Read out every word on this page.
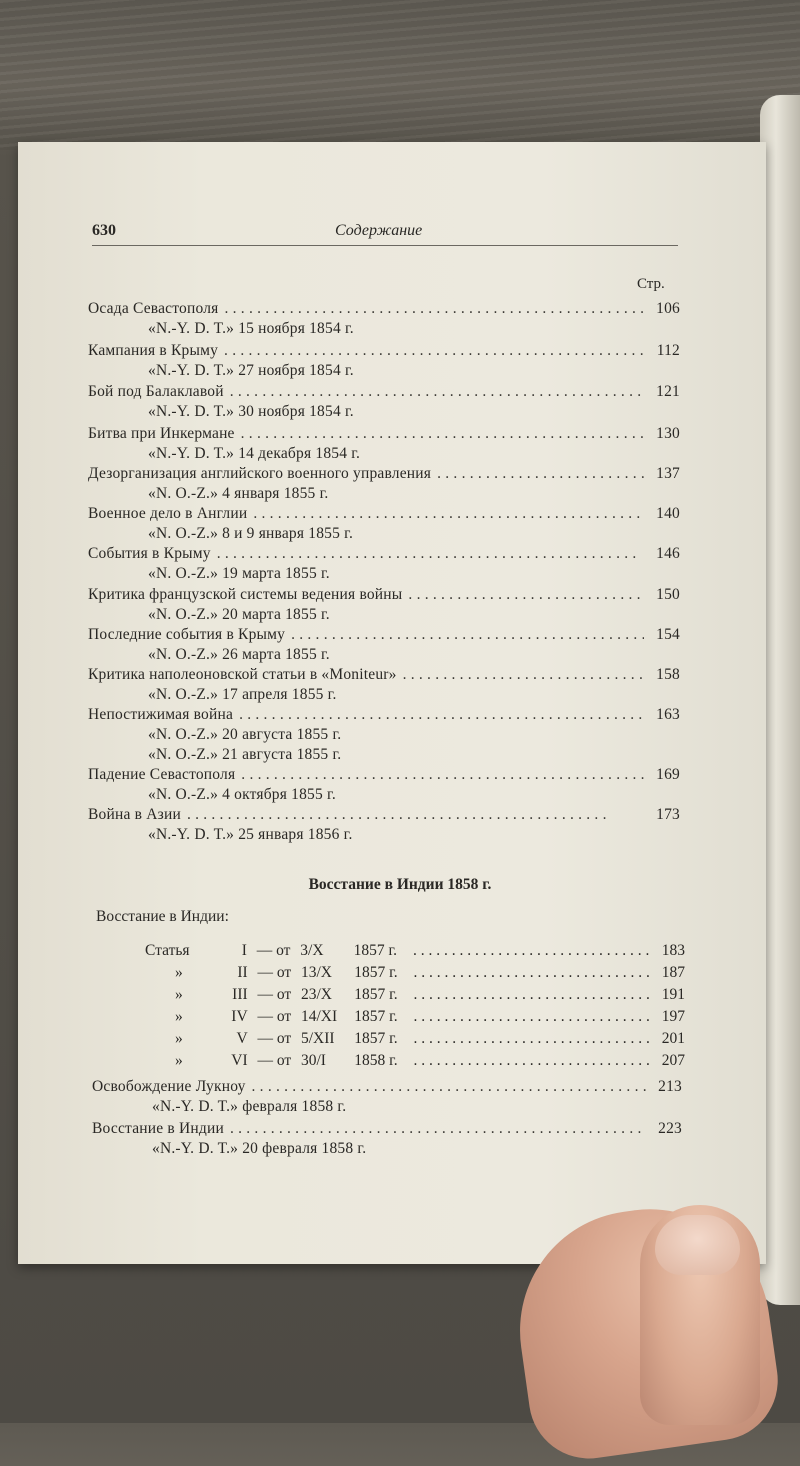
630	Содержание
Стр.
Осада Севастополя . . .	106
«N.-Y. D. T.» 15 ноября 1854 г.
Кампания в Крыму . . .	112
«N.-Y. D. T.» 27 ноября 1854 г.
Бой под Балаклавой . . .	121
«N.-Y. D. T.» 30 ноября 1854 г.
Битва при Инкермане . . .	130
«N.-Y. D. T.» 14 декабря 1854 г.
Дезорганизация английского военного управления . . .	137
«N. O.-Z.» 4 января 1855 г.
Военное дело в Англии . . .	140
«N. O.-Z.» 8 и 9 января 1855 г.
События в Крыму . . .	146
«N. O.-Z.» 19 марта 1855 г.
Критика французской системы ведения войны . . .	150
«N. O.-Z.» 20 марта 1855 г.
Последние события в Крыму . . .	154
«N. O.-Z.» 26 марта 1855 г.
Критика наполеоновской статьи в «Moniteur» . . .	158
«N. O.-Z.» 17 апреля 1855 г.
Непостижимая война . . .	163
«N. O.-Z.» 20 августа 1855 г.
«N. O.-Z.» 21 августа 1855 г.
Падение Севастополя . . .	169
«N. O.-Z.» 4 октября 1855 г.
Война в Азии . . .	173
«N.-Y. D. T.» 25 января 1856 г.
Восстание в Индии 1858 г.
Восстание в Индии:
Статья	I — от 3/X	1857 г. . . .	183
»	II — от 13/X	1857 г. . . .	187
»	III — от 23/X	1857 г. . . .	191
»	IV — от 14/XI	1857 г. . . .	197
»	V — от 5/XII	1857 г. . . .	201
»	VI — от 30/I	1858 г. . . .	207
Освобождение Лукноу . . .	213
«N.-Y. D. T.» февраля 1858 г.
Восстание в Индии . . .	223
«N.-Y. D. T.» 20 февраля 1858 г.
